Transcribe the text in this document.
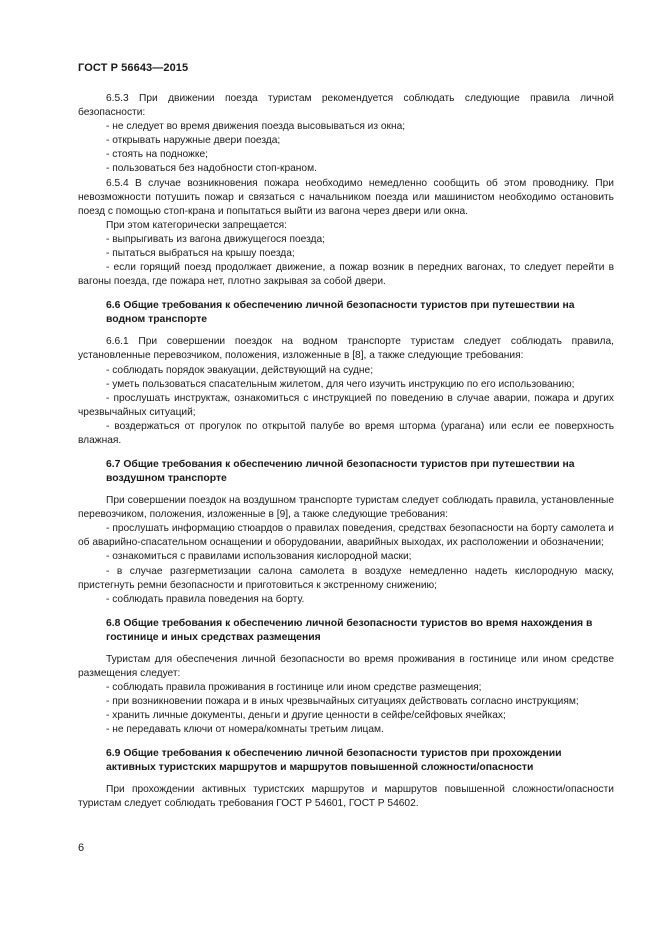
ГОСТ Р 56643—2015

6.5.3 При движении поезда туристам рекомендуется соблюдать следующие правила личной безопасности:

- не следует во время движения поезда высовываться из окна;

- открывать наружные двери поезда;

- стоять на подножке;

- пользоваться без надобности стоп-краном.

6.5.4 В случае возникновения пожара необходимо немедленно сообщить об этом проводнику. При невозможности потушить пожар и связаться с начальником поезда или машинистом необходимо остановить поезд с помощью стоп-крана и попытаться выйти из вагона через двери или окна.

При этом категорически запрещается:

- выпрыгивать из вагона движущегося поезда;

- пытаться выбраться на крышу поезда;

- если горящий поезд продолжает движение, а пожар возник в передних вагонах, то следует перейти в вагоны поезда, где пожара нет, плотно закрывая за собой двери.

6.6 Общие требования к обеспечению личной безопасности туристов при путешествии на водном транспорте

6.6.1 При совершении поездок на водном транспорте туристам следует соблюдать правила, установленные перевозчиком, положения, изложенные в [8], а также следующие требования:

- соблюдать порядок эвакуации, действующий на судне;

- уметь пользоваться спасательным жилетом, для чего изучить инструкцию по его использованию;

- прослушать инструктаж, ознакомиться с инструкцией по поведению в случае аварии, пожара и других чрезвычайных ситуаций;

- воздержаться от прогулок по открытой палубе во время шторма (урагана) или если ее поверхность влажная.

6.7 Общие требования к обеспечению личной безопасности туристов при путешествии на воздушном транспорте

При совершении поездок на воздушном транспорте туристам следует соблюдать правила, установленные перевозчиком, положения, изложенные в [9], а также следующие требования:

- прослушать информацию стюардов о правилах поведения, средствах безопасности на борту самолета и об аварийно-спасательном оснащении и оборудовании, аварийных выходах, их расположении и обозначении;

- ознакомиться с правилами использования кислородной маски;

- в случае разгерметизации салона самолета в воздухе немедленно надеть кислородную маску, пристегнуть ремни безопасности и приготовиться к экстренному снижению;

- соблюдать правила поведения на борту.

6.8 Общие требования к обеспечению личной безопасности туристов во время нахождения в гостинице и иных средствах размещения

Туристам для обеспечения личной безопасности во время проживания в гостинице или ином средстве размещения следует:

- соблюдать правила проживания в гостинице или ином средстве размещения;

- при возникновении пожара и в иных чрезвычайных ситуациях действовать согласно инструкциям;

- хранить личные документы, деньги и другие ценности в сейфе/сейфовых ячейках;

- не передавать ключи от номера/комнаты третьим лицам.

6.9 Общие требования к обеспечению личной безопасности туристов при прохождении активных туристских маршрутов и маршрутов повышенной сложности/опасности

При прохождении активных туристских маршрутов и маршрутов повышенной сложности/опасности туристам следует соблюдать требования ГОСТ Р 54601, ГОСТ Р 54602.

6
